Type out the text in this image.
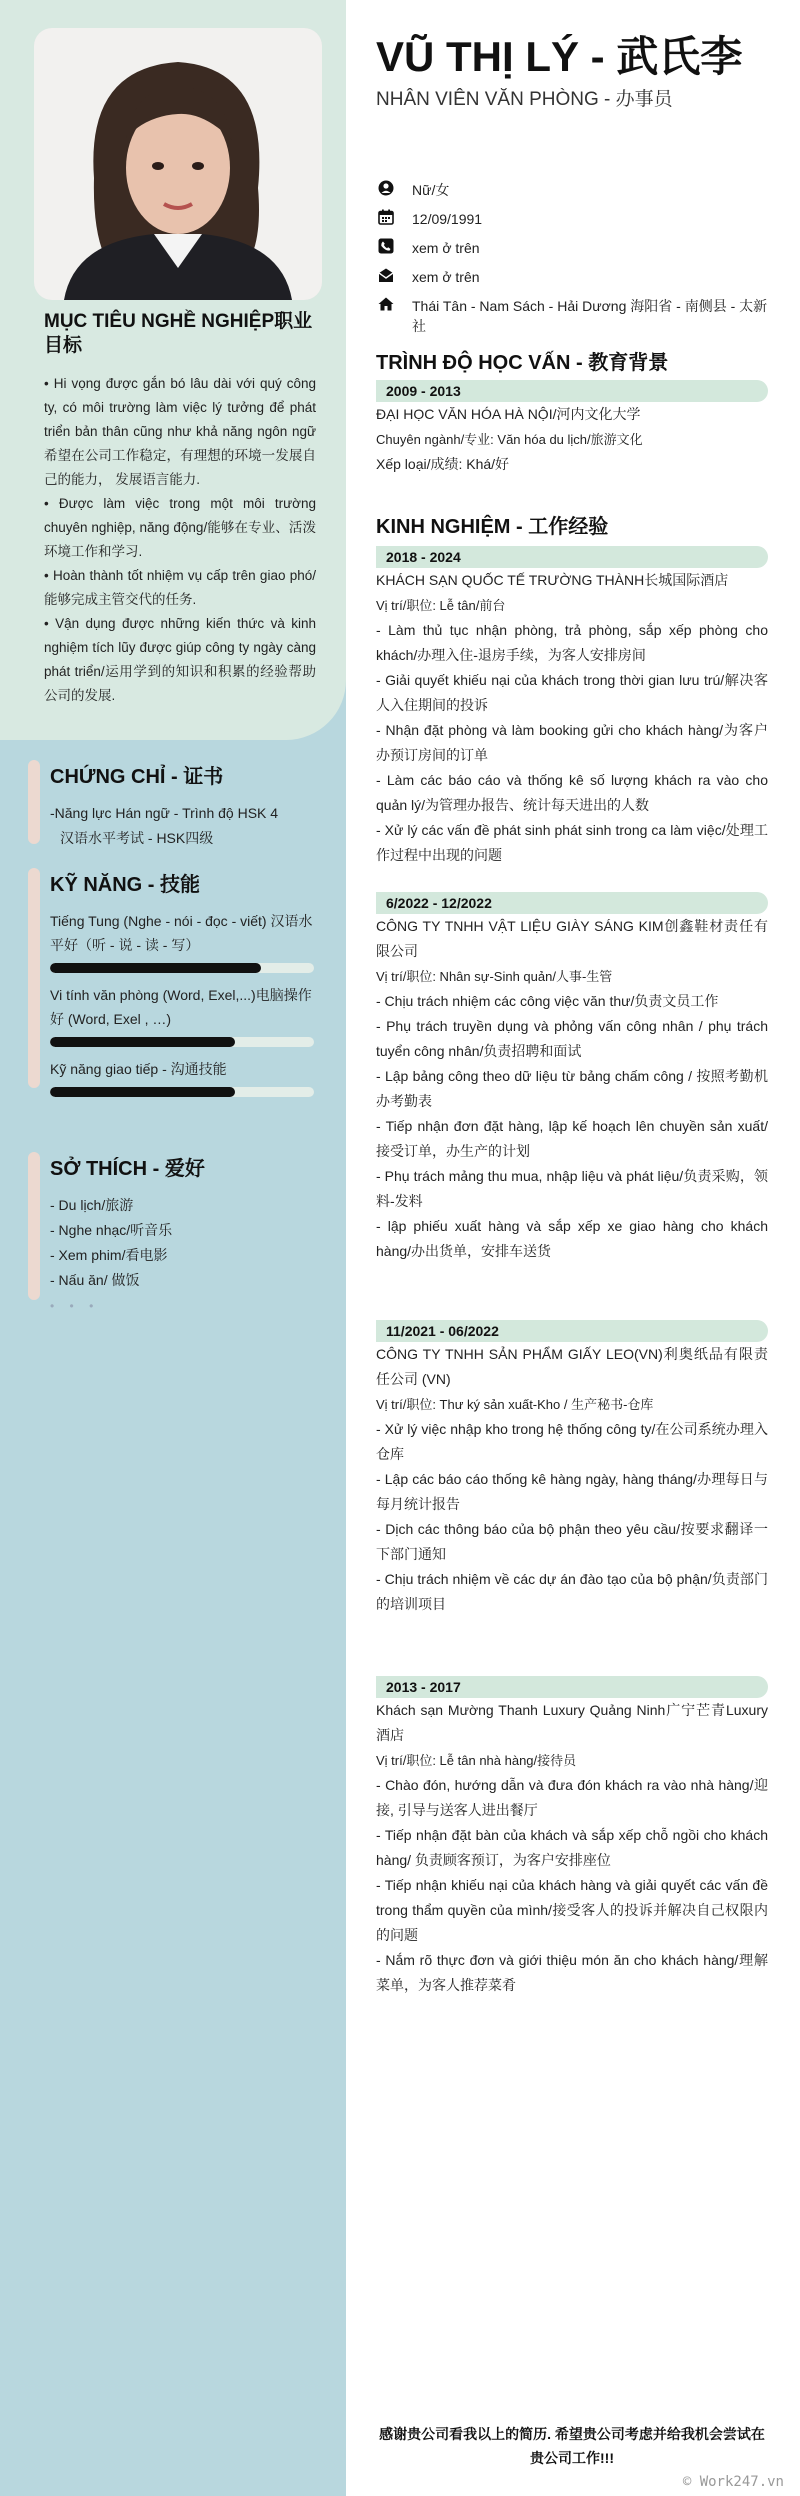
MỤC TIÊU NGHỀ NGHIỆP职业目标

• Hi vọng được gắn bó lâu dài với quý công ty, có môi trường làm việc lý tưởng để phát triển bản thân cũng như khả năng ngôn ngữ希望在公司工作稳定，有理想的环境一发展自己的能力， 发展语言能力.

• Được làm việc trong một môi trường chuyên nghiệp, năng động/能够在专业、活泼环境工作和学习.

• Hoàn thành tốt nhiệm vụ cấp trên giao phó/能够完成主管交代的任务.

• Vận dụng được những kiến thức và kinh nghiệm tích lũy được giúp công ty ngày càng phát triển/运用学到的知识和积累的经验帮助公司的发展.

CHỨNG CHỈ - 证书

-Năng lực Hán ngữ - Trình độ HSK 4

汉语水平考试 - HSK四级

KỸ NĂNG - 技能
Tiếng Tung (Nghe - nói - đọc - viết) 汉语水平好（听 - 说 - 读 - 写）
Vi tính văn phòng (Word, Exel,...)电脑操作好 (Word, Exel , …)
Kỹ năng giao tiếp - 沟通技能
SỞ THÍCH - 爱好

- Du lịch/旅游

- Nghe nhạc/听音乐

- Xem phim/看电影

- Nấu ăn/ 做饭

• • •
VŨ THỊ LÝ - 武氏李
NHÂN VIÊN VĂN PHÒNG - 办事员
Nữ/女
12/09/1991
xem ở trên
xem ở trên
Thái Tân - Nam Sách - Hải Dương 海阳省 - 南侧县 - 太新社
TRÌNH ĐỘ HỌC VẤN - 教育背景
2009 - 2013

ĐẠI HỌC VĂN HÓA HÀ NỘI/河内文化大学

Chuyên ngành/专业: Văn hóa du lịch/旅游文化

Xếp loại/成绩: Khá/好

KINH NGHIỆM - 工作经验
2018 - 2024

KHÁCH SẠN QUỐC TẾ TRƯỜNG THÀNH长城国际酒店

Vị trí/职位: Lễ tân/前台

- Làm thủ tục nhận phòng, trả phòng, sắp xếp phòng cho khách/办理入住-退房手续，为客人安排房间

- Giải quyết khiếu nại của khách trong thời gian lưu trú/解决客人入住期间的投诉

- Nhận đặt phòng và làm booking gửi cho khách hàng/为客户办预订房间的订单

- Làm các báo cáo và thống kê số lượng khách ra vào cho quản lý/为管理办报告、统计每天进出的人数

- Xử lý các vấn đề phát sinh phát sinh trong ca làm việc/处理工作过程中出现的问题

6/2022 - 12/2022

CÔNG TY TNHH VẬT LIỆU GIÀY SÁNG KIM创鑫鞋材责任有限公司

Vị trí/职位: Nhân sự-Sinh quản/人事-生管

- Chịu trách nhiệm các công việc văn thư/负责文员工作

- Phụ trách truyền dụng và phỏng vấn công nhân / phụ trách tuyển công nhân/负责招聘和面试

- Lập bảng công theo dữ liệu từ bảng chấm công / 按照考勤机办考勤表

- Tiếp nhận đơn đặt hàng, lập kế hoạch lên chuyền sản xuất/ 接受订单，办生产的计划

- Phụ trách mảng thu mua, nhập liệu và phát liệu/负责采购，领料-发料

- lập phiếu xuất hàng và sắp xếp xe giao hàng cho khách hàng/办出货单，安排车送货

11/2021 - 06/2022

CÔNG TY TNHH SẢN PHẨM GIẤY LEO(VN)利奥纸品有限责任公司 (VN)

Vị trí/职位: Thư ký sản xuất-Kho / 生产秘书-仓库

- Xử lý việc nhập kho trong hệ thống công ty/在公司系统办理入仓库

- Lập các báo cáo thống kê hàng ngày, hàng tháng/办理每日与每月统计报告

- Dịch các thông báo của bộ phận theo yêu cầu/按要求翻译一下部门通知

- Chịu trách nhiệm về các dự án đào tạo của bộ phận/负责部门的培训项目

2013 - 2017

Khách sạn Mường Thanh Luxury Quảng Ninh广宁芒青Luxury酒店

Vị trí/职位: Lễ tân nhà hàng/接待员

- Chào đón, hướng dẫn và đưa đón khách ra vào nhà hàng/迎接, 引导与送客人进出餐厅

- Tiếp nhận đặt bàn của khách và sắp xếp chỗ ngồi cho khách hàng/ 负责顾客预订，为客户安排座位

- Tiếp nhận khiếu nại của khách hàng và giải quyết các vấn đề trong thẩm quyền của mình/接受客人的投诉并解决自己权限内的问题

- Nắm rõ thực đơn và giới thiệu món ăn cho khách hàng/理解菜单，为客人推荐菜肴

感谢贵公司看我以上的简历. 希望贵公司考虑并给我机会尝试在贵公司工作!!!
© Work247.vn
